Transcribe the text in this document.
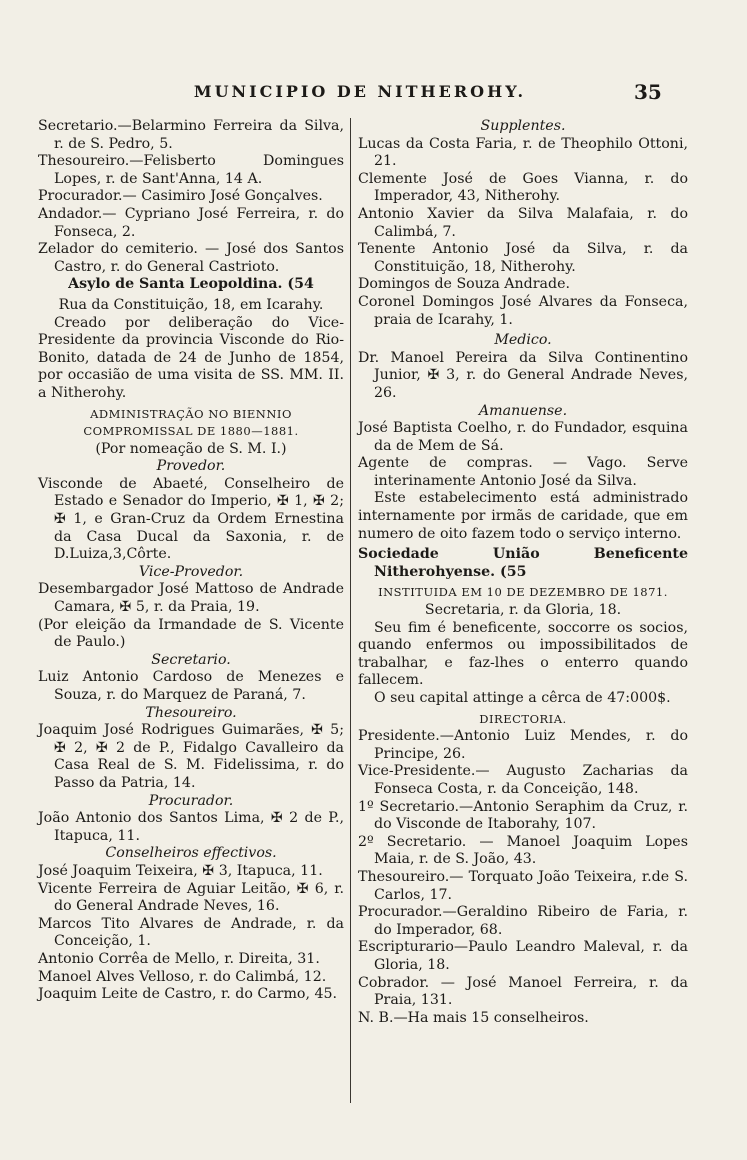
MUNICIPIO DE NITHEROHY.	35

Secretario.—Belarmino Ferreira da Silva, r. de S. Pedro, 5.

Thesoureiro.—Felisberto Domingues Lopes, r. de Sant'Anna, 14 A.

Procurador.— Casimiro José Gonçalves.

Andador.— Cypriano José Ferreira, r. do Fonseca, 2.

Zelador do cemiterio. — José dos Santos Castro, r. do General Castrioto.

Asylo de Santa Leopoldina. (54

Rua da Constituição, 18, em Icarahy.

Creado por deliberação do Vice-Presidente da provincia Visconde do Rio-Bonito, datada de 24 de Junho de 1854, por occasião de uma visita de SS. MM. II. a Nitherohy.

ADMINISTRAÇÃO NO BIENNIO COMPROMISSAL DE 1880—1881.

(Por nomeação de S. M. I.)

Provedor.

Visconde de Abaeté, Conselheiro de Estado e Senador do Imperio, ✠ 1, ✠ 2; ✠ 1, e Gran-Cruz da Ordem Ernestina da Casa Ducal da Saxonia, r. de D.Luiza,3,Côrte.

Vice-Provedor.

Desembargador José Mattoso de Andrade Camara, ✠ 5, r. da Praia, 19.

(Por eleição da Irmandade de S. Vicente de Paulo.)

Secretario.

Luiz Antonio Cardoso de Menezes e Souza, r. do Marquez de Paraná, 7.

Thesoureiro.

Joaquim José Rodrigues Guimarães, ✠ 5; ✠ 2, ✠ 2 de P., Fidalgo Cavalleiro da Casa Real de S. M. Fidelissima, r. do Passo da Patria, 14.

Procurador.

João Antonio dos Santos Lima, ✠ 2 de P., Itapuca, 11.

Conselheiros effectivos.

José Joaquim Teixeira, ✠ 3, Itapuca, 11.

Vicente Ferreira de Aguiar Leitão, ✠ 6, r. do General Andrade Neves, 16.

Marcos Tito Alvares de Andrade, r. da Conceição, 1.

Antonio Corrêa de Mello, r. Direita, 31.

Manoel Alves Velloso, r. do Calimbá, 12.

Joaquim Leite de Castro, r. do Carmo, 45.

Supplentes.

Lucas da Costa Faria, r. de Theophilo Ottoni, 21.

Clemente José de Goes Vianna, r. do Imperador, 43, Nitherohy.

Antonio Xavier da Silva Malafaia, r. do Calimbá, 7.

Tenente Antonio José da Silva, r. da Constituição, 18, Nitherohy.

Domingos de Souza Andrade.

Coronel Domingos José Alvares da Fonseca, praia de Icarahy, 1.

Medico.

Dr. Manoel Pereira da Silva Continentino Junior, ✠ 3, r. do General Andrade Neves, 26.

Amanuense.

José Baptista Coelho, r. do Fundador, esquina da de Mem de Sá.

Agente de compras. — Vago. Serve interinamente Antonio José da Silva.

Este estabelecimento está administrado internamente por irmãs de caridade, que em numero de oito fazem todo o serviço interno.

Sociedade União Beneficente Nitherohyense. (55

INSTITUIDA EM 10 DE DEZEMBRO DE 1871.

Secretaria, r. da Gloria, 18.

Seu fim é beneficente, soccorre os socios, quando enfermos ou impossibilitados de trabalhar, e faz-lhes o enterro quando fallecem.

O seu capital attinge a cêrca de 47:000$.

DIRECTORIA.

Presidente.—Antonio Luiz Mendes, r. do Principe, 26.

Vice-Presidente.— Augusto Zacharias da Fonseca Costa, r. da Conceição, 148.

1º Secretario.—Antonio Seraphim da Cruz, r. do Visconde de Itaborahy, 107.

2º Secretario. — Manoel Joaquim Lopes Maia, r. de S. João, 43.

Thesoureiro.— Torquato João Teixeira, r.de S. Carlos, 17.

Procurador.—Geraldino Ribeiro de Faria, r. do Imperador, 68.

Escripturario—Paulo Leandro Maleval, r. da Gloria, 18.

Cobrador. — José Manoel Ferreira, r. da Praia, 131.

N. B.—Ha mais 15 conselheiros.
